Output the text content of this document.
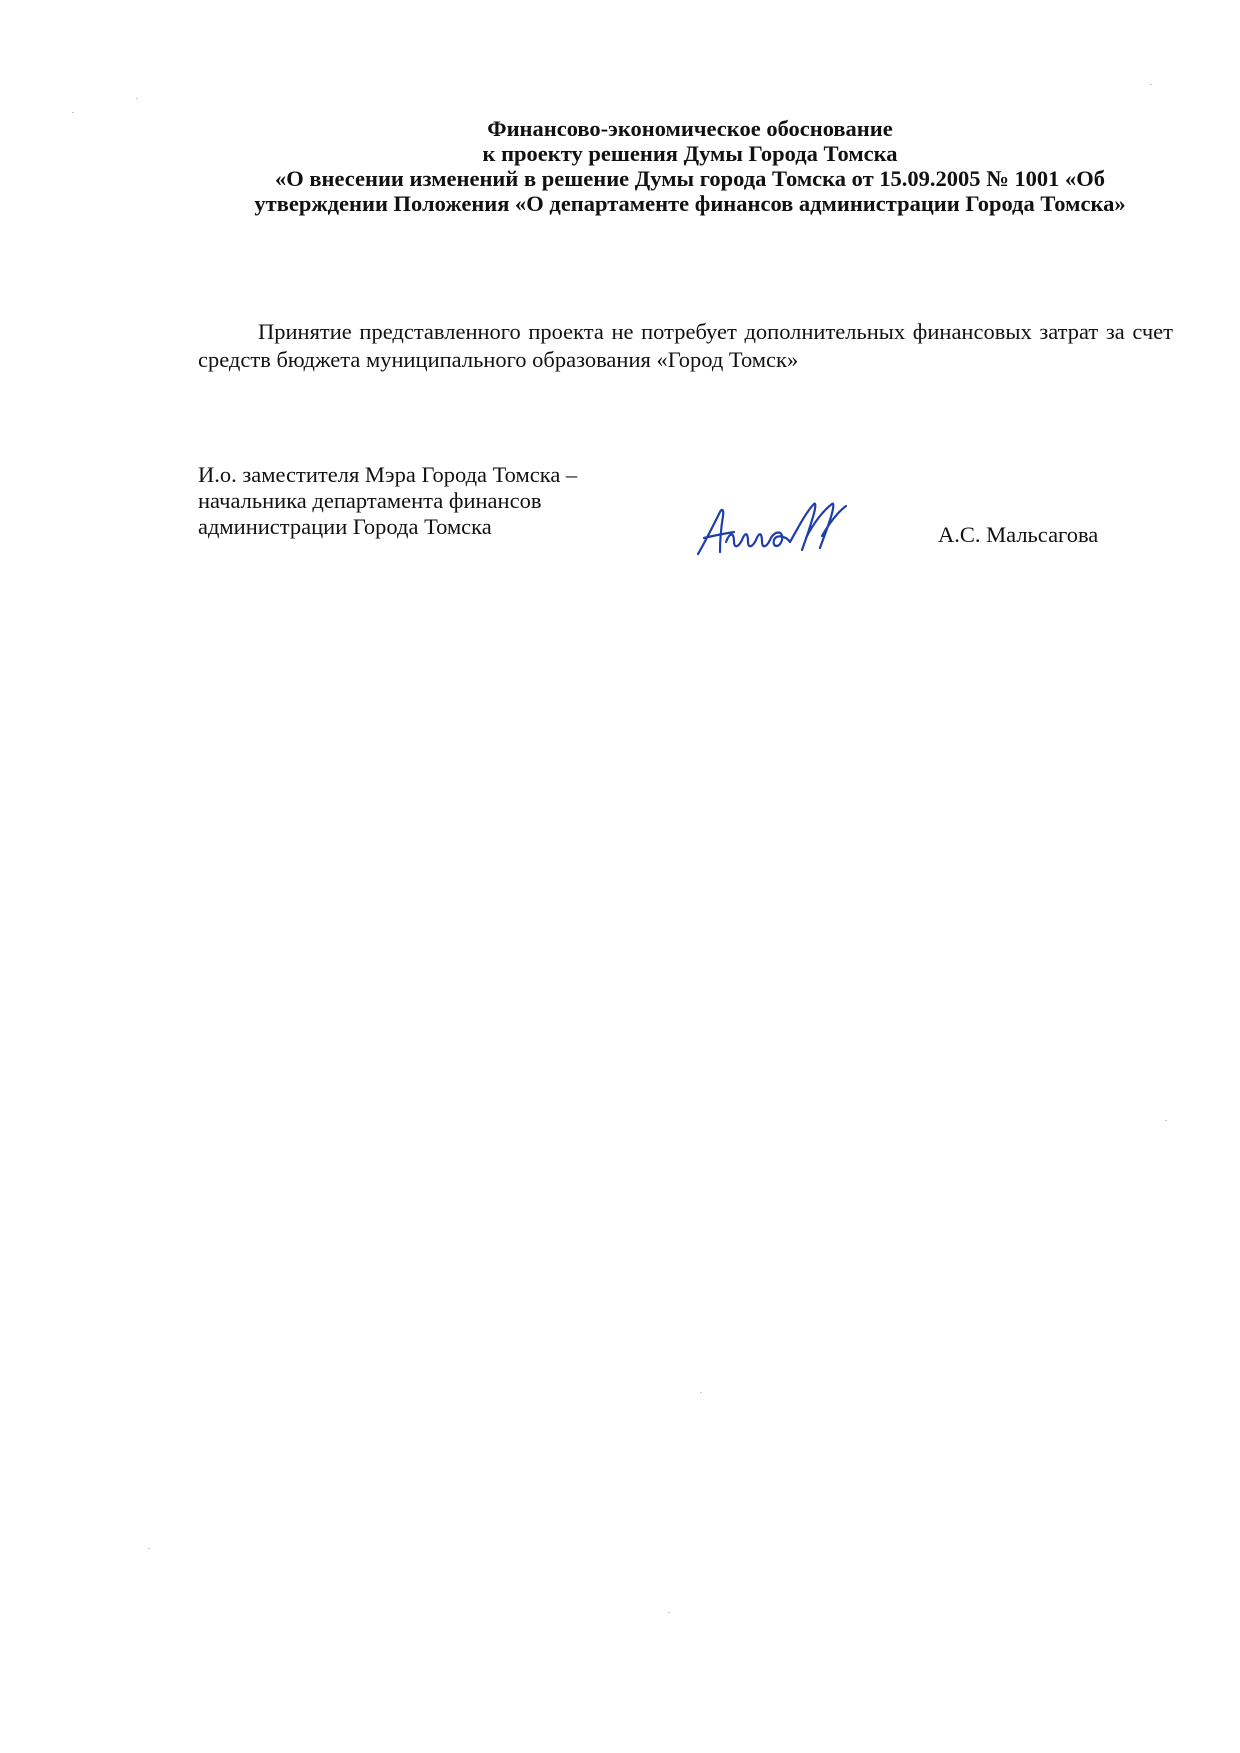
Финансово-экономическое обоснование
к проекту решения Думы Города Томска
«О внесении изменений в решение Думы города Томска от 15.09.2005 № 1001 «Об
утверждении Положения «О департаменте финансов администрации Города Томска»
Принятие представленного проекта не потребует дополнительных финансовых затрат за счет средств бюджета муниципального образования «Город Томск»
И.о. заместителя Мэра Города Томска –
начальника департамента финансов
администрации Города Томска	А.С. Мальсагова
